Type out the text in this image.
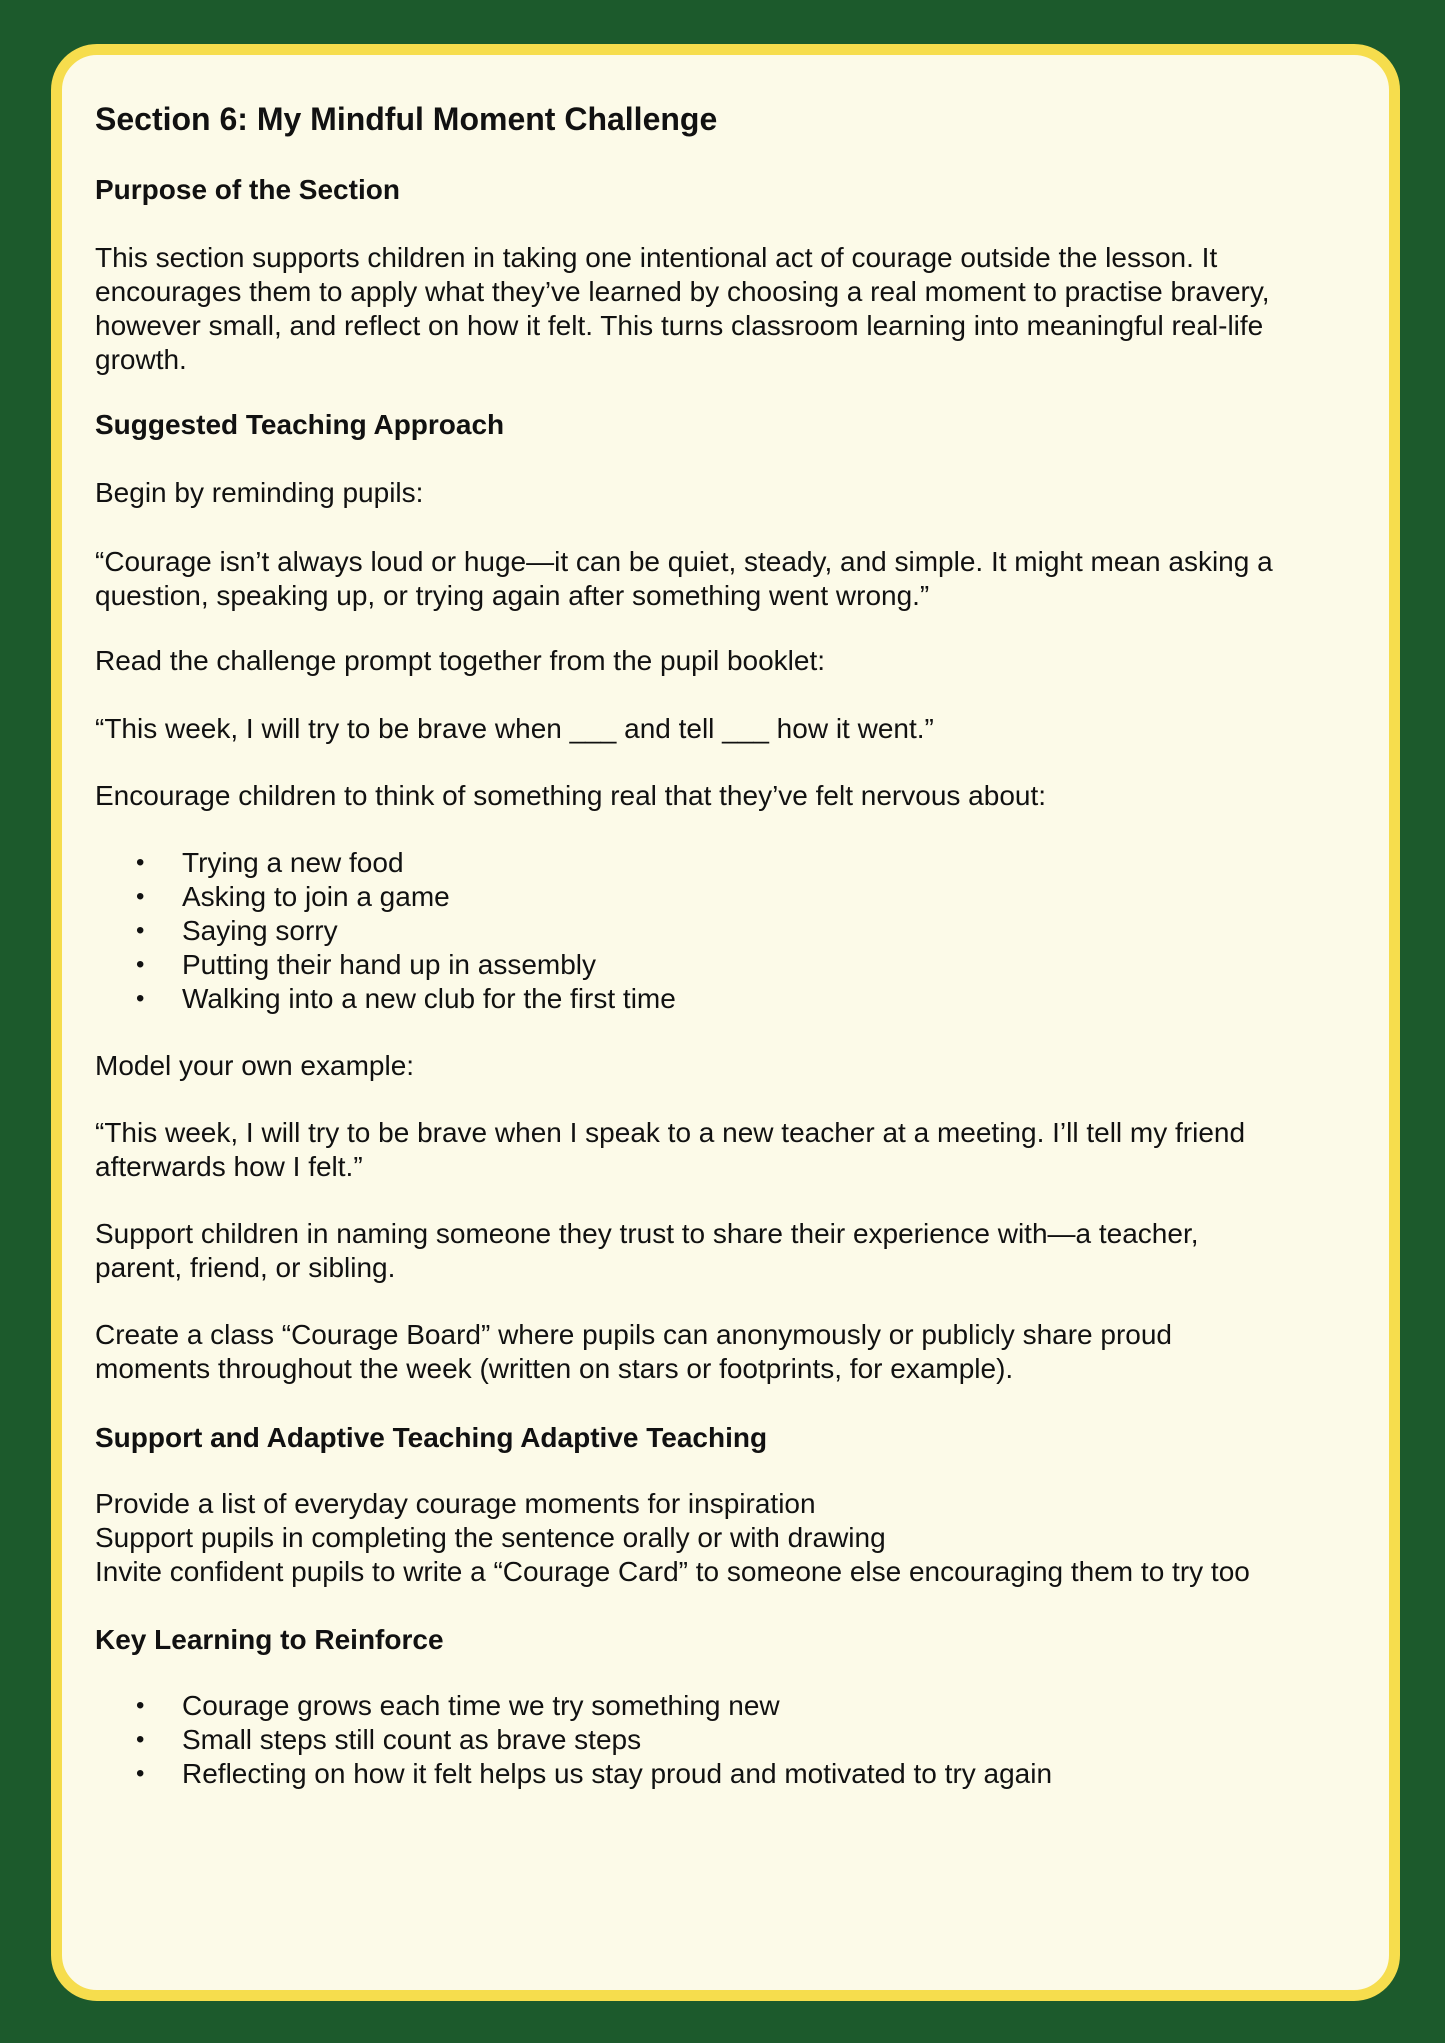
Section 6: My Mindful Moment Challenge
Purpose of the Section

This section supports children in taking one intentional act of courage outside the lesson. It
encourages them to apply what they’ve learned by choosing a real moment to practise bravery,
however small, and reflect on how it felt. This turns classroom learning into meaningful real-life
growth.

Suggested Teaching Approach

Begin by reminding pupils:

“Courage isn’t always loud or huge—it can be quiet, steady, and simple. It might mean asking a
question, speaking up, or trying again after something went wrong.”

Read the challenge prompt together from the pupil booklet:

“This week, I will try to be brave when ___ and tell ___ how it went.”

Encourage children to think of something real that they’ve felt nervous about:

• Trying a new food
• Asking to join a game
• Saying sorry
• Putting their hand up in assembly
• Walking into a new club for the first time

Model your own example:

“This week, I will try to be brave when I speak to a new teacher at a meeting. I’ll tell my friend
afterwards how I felt.”

Support children in naming someone they trust to share their experience with—a teacher,
parent, friend, or sibling.

Create a class “Courage Board” where pupils can anonymously or publicly share proud
moments throughout the week (written on stars or footprints, for example).

Support and Adaptive Teaching Adaptive Teaching

Provide a list of everyday courage moments for inspiration
Support pupils in completing the sentence orally or with drawing
Invite confident pupils to write a “Courage Card” to someone else encouraging them to try too

Key Learning to Reinforce
• Courage grows each time we try something new
• Small steps still count as brave steps
• Reflecting on how it felt helps us stay proud and motivated to try again
